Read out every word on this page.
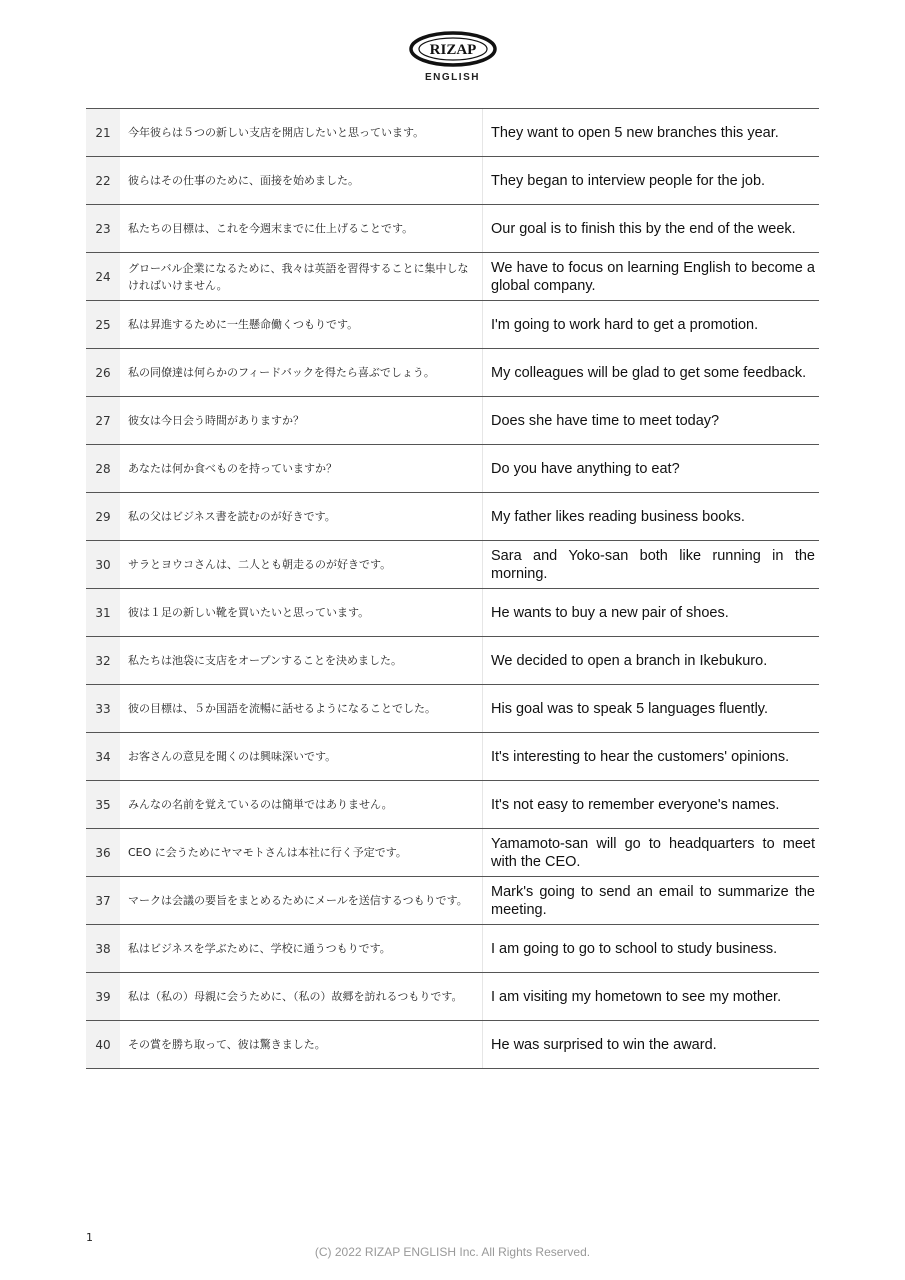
RIZAP
ENGLISH
21	今年彼らは５つの新しい支店を開店したいと思っています。	They want to open 5 new branches this year.
22	彼らはその仕事のために、面接を始めました。	They began to interview people for the job.
23	私たちの目標は、これを今週末までに仕上げることです。	Our goal is to finish this by the end of the week.
24	グローバル企業になるために、我々は英語を習得することに集中しなければいけません。	We have to focus on learning English to become a global company.
25	私は昇進するために一生懸命働くつもりです。	I'm going to work hard to get a promotion.
26	私の同僚達は何らかのフィードバックを得たら喜ぶでしょう。	My colleagues will be glad to get some feedback.
27	彼女は今日会う時間がありますか？	Does she have time to meet today?
28	あなたは何か食べものを持っていますか？	Do you have anything to eat?
29	私の父はビジネス書を読むのが好きです。	My father likes reading business books.
30	サラとヨウコさんは、二人とも朝走るのが好きです。	Sara and Yoko-san both like running in the morning.
31	彼は１足の新しい靴を買いたいと思っています。	He wants to buy a new pair of shoes.
32	私たちは池袋に支店をオープンすることを決めました。	We decided to open a branch in Ikebukuro.
33	彼の目標は、５か国語を流暢に話せるようになることでした。	His goal was to speak 5 languages fluently.
34	お客さんの意見を聞くのは興味深いです。	It's interesting to hear the customers' opinions.
35	みんなの名前を覚えているのは簡単ではありません。	It's not easy to remember everyone's names.
36	CEO に会うためにヤマモトさんは本社に行く予定です。	Yamamoto-san will go to headquarters to meet with the CEO.
37	マークは会議の要旨をまとめるためにメールを送信するつもりです。	Mark's going to send an email to summarize the meeting.
38	私はビジネスを学ぶために、学校に通うつもりです。	I am going to go to school to study business.
39	私は（私の）母親に会うために、（私の）故郷を訪れるつもりです。	I am visiting my hometown to see my mother.
40	その賞を勝ち取って、彼は驚きました。	He was surprised to win the award.
1
(C) 2022 RIZAP ENGLISH Inc. All Rights Reserved.
